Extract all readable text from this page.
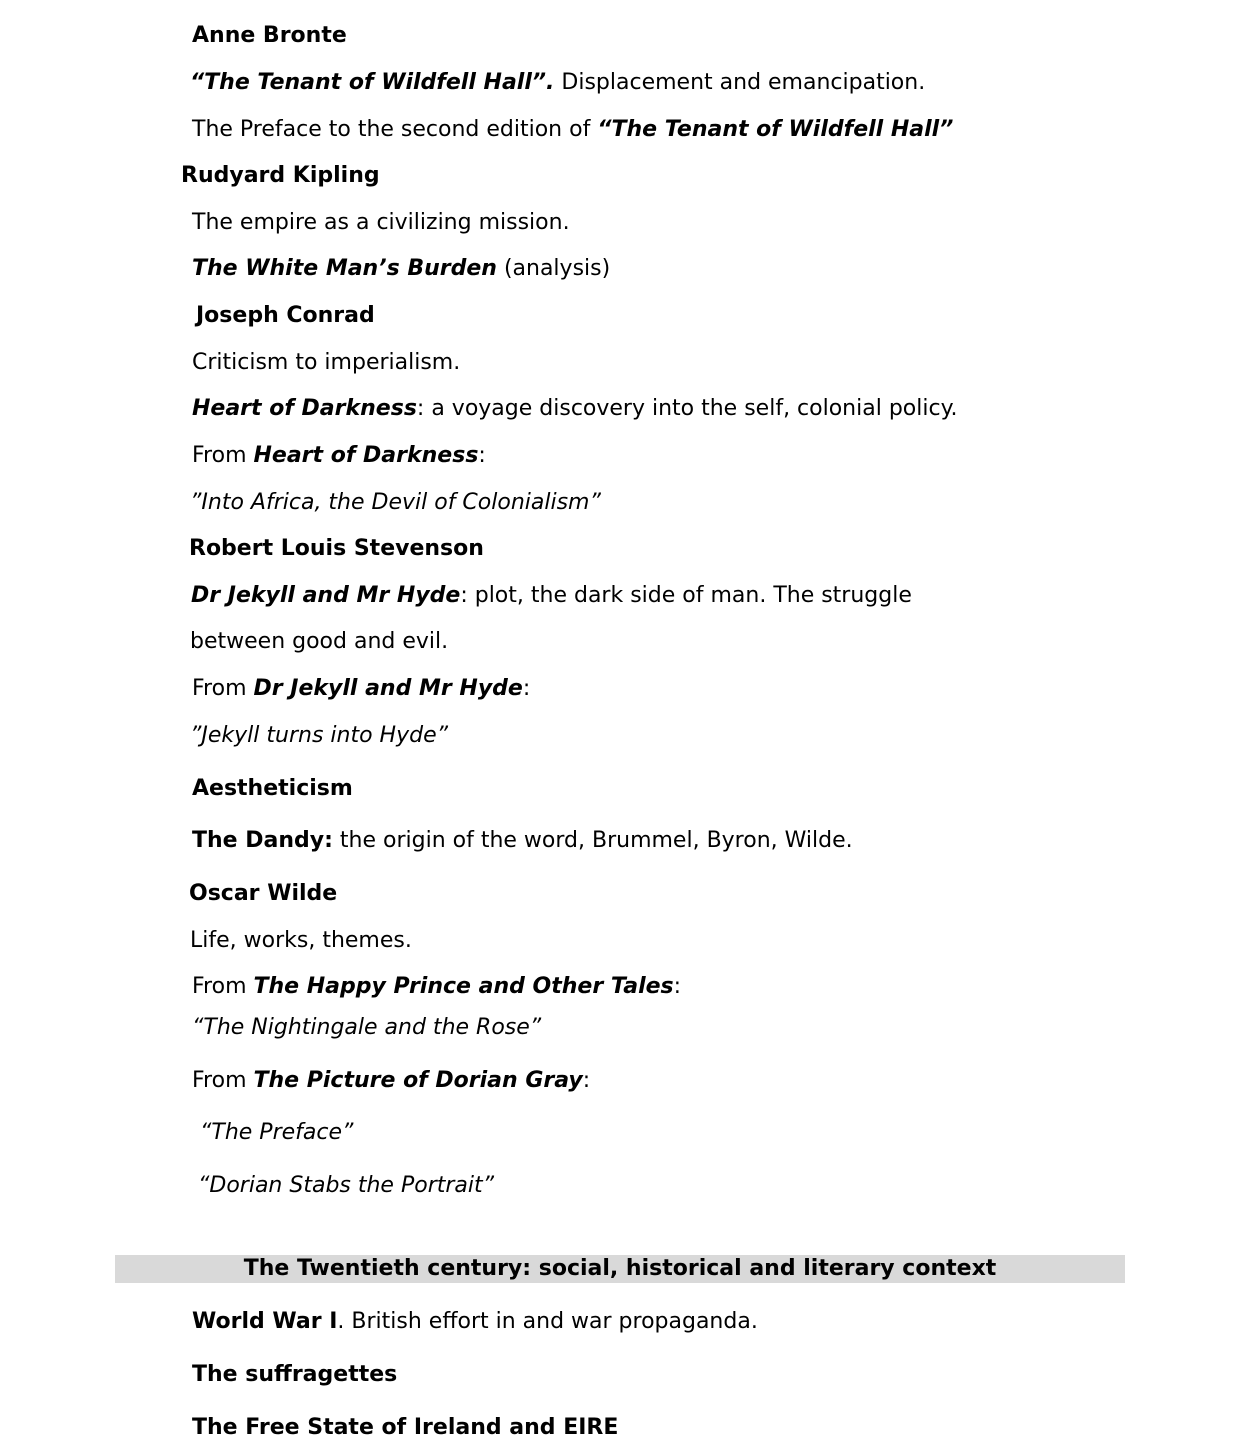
Anne Bronte
“The Tenant of Wildfell Hall”. Displacement and emancipation.
The Preface to the second edition of “The Tenant of Wildfell Hall”
Rudyard Kipling
The empire as a civilizing mission.
The White Man’s Burden (analysis)
Joseph Conrad
Criticism to imperialism.
Heart of Darkness: a voyage discovery into the self, colonial policy.
From Heart of Darkness:
”Into Africa, the Devil of Colonialism”
Robert Louis Stevenson
Dr Jekyll and Mr Hyde: plot, the dark side of man. The struggle
between good and evil.
From Dr Jekyll and Mr Hyde:
”Jekyll turns into Hyde”
Aestheticism
The Dandy: the origin of the word, Brummel, Byron, Wilde.
Oscar Wilde
Life, works, themes.
From The Happy Prince and Other Tales:
“The Nightingale and the Rose”
From The Picture of Dorian Gray:
“The Preface”
“Dorian Stabs the Portrait”
The Twentieth century: social, historical and literary context
World War I. British effort in and war propaganda.
The suffragettes
The Free State of Ireland and EIRE
